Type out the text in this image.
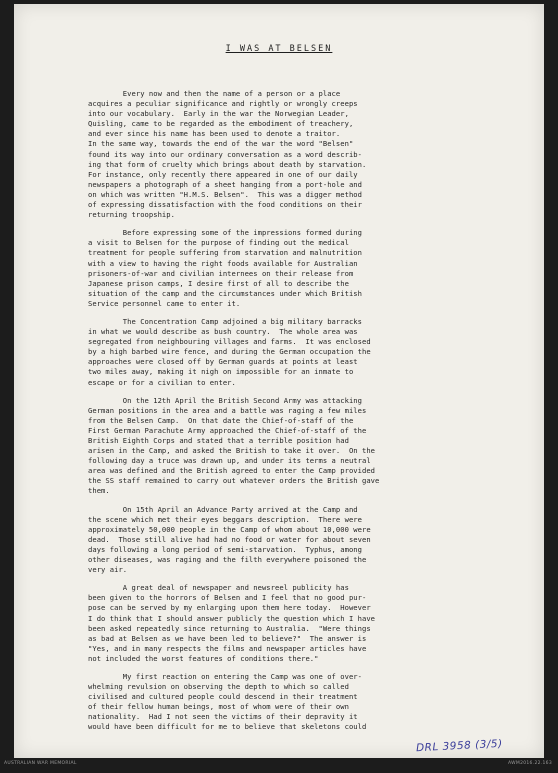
I WAS AT BELSEN
Every now and then the name of a person or a place
acquires a peculiar significance and rightly or wrongly creeps
into our vocabulary.  Early in the war the Norwegian Leader,
Quisling, came to be regarded as the embodiment of treachery,
and ever since his name has been used to denote a traitor.
In the same way, towards the end of the war the word "Belsen"
found its way into our ordinary conversation as a word describ-
ing that form of cruelty which brings about death by starvation.
For instance, only recently there appeared in one of our daily
newspapers a photograph of a sheet hanging from a port-hole and
on which was written "H.M.S. Belsen".  This was a digger method
of expressing dissatisfaction with the food conditions on their
returning troopship.
Before expressing some of the impressions formed during
a visit to Belsen for the purpose of finding out the medical
treatment for people suffering from starvation and malnutrition
with a view to having the right foods available for Australian
prisoners-of-war and civilian internees on their release from
Japanese prison camps, I desire first of all to describe the
situation of the camp and the circumstances under which British
Service personnel came to enter it.
The Concentration Camp adjoined a big military barracks
in what we would describe as bush country.  The whole area was
segregated from neighbouring villages and farms.  It was enclosed
by a high barbed wire fence, and during the German occupation the
approaches were closed off by German guards at points at least
two miles away, making it nigh on impossible for an inmate to
escape or for a civilian to enter.
On the 12th April the British Second Army was attacking
German positions in the area and a battle was raging a few miles
from the Belsen Camp.  On that date the Chief-of-staff of the
First German Parachute Army approached the Chief-of-staff of the
British Eighth Corps and stated that a terrible position had
arisen in the Camp, and asked the British to take it over.  On the
following day a truce was drawn up, and under its terms a neutral
area was defined and the British agreed to enter the Camp provided
the SS staff remained to carry out whatever orders the British gave
them.
On 15th April an Advance Party arrived at the Camp and
the scene which met their eyes beggars description.  There were
approximately 50,000 people in the Camp of whom about 10,000 were
dead.  Those still alive had had no food or water for about seven
days following a long period of semi-starvation.  Typhus, among
other diseases, was raging and the filth everywhere poisoned the
very air.
A great deal of newspaper and newsreel publicity has
been given to the horrors of Belsen and I feel that no good pur-
pose can be served by my enlarging upon them here today.  However
I do think that I should answer publicly the question which I have
been asked repeatedly since returning to Australia.  "Were things
as bad at Belsen as we have been led to believe?"  The answer is
"Yes, and in many respects the films and newspaper articles have
not included the worst features of conditions there."
My first reaction on entering the Camp was one of over-
whelming revulsion on observing the depth to which so called
civilised and cultured people could descend in their treatment
of their fellow human beings, most of whom were of their own
nationality.  Had I not seen the victims of their depravity it
would have been difficult for me to believe that skeletons could
DRL 3958 (3/5)
AUSTRALIAN WAR MEMORIAL	AWM2016.22.163
